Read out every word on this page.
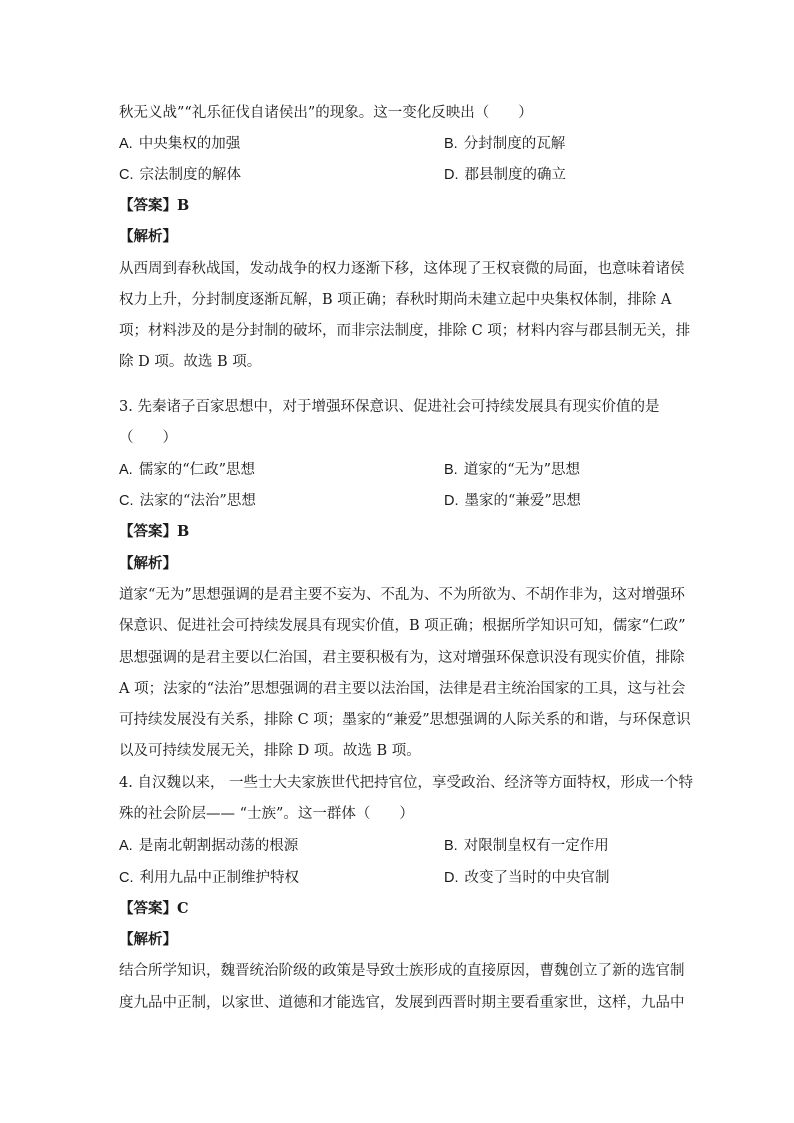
秋无义战”“礼乐征伐自诸侯出”的现象。这一变化反映出（　　）
A. 中央集权的加强	B. 分封制度的瓦解
C. 宗法制度的解体	D. 郡县制度的确立
【答案】B
【解析】
从西周到春秋战国，发动战争的权力逐渐下移，这体现了王权衰微的局面，也意味着诸侯
权力上升，分封制度逐渐瓦解，B 项正确；春秋时期尚未建立起中央集权体制，排除 A
项；材料涉及的是分封制的破坏，而非宗法制度，排除 C 项；材料内容与郡县制无关，排
除 D 项。故选 B 项。
3. 先秦诸子百家思想中，对于增强环保意识、促进社会可持续发展具有现实价值的是
（　　）
A. 儒家的“仁政”思想	B. 道家的“无为”思想
C. 法家的“法治”思想	D. 墨家的“兼爱”思想
【答案】B
【解析】
道家“无为”思想强调的是君主要不妄为、不乱为、不为所欲为、不胡作非为，这对增强环
保意识、促进社会可持续发展具有现实价值，B 项正确；根据所学知识可知，儒家“仁政”
思想强调的是君主要以仁治国，君主要积极有为，这对增强环保意识没有现实价值，排除
A 项；法家的“法治”思想强调的君主要以法治国，法律是君主统治国家的工具，这与社会
可持续发展没有关系，排除 C 项；墨家的“兼爱”思想强调的人际关系的和谐，与环保意识
以及可持续发展无关，排除 D 项。故选 B 项。
4. 自汉魏以来， 一些士大夫家族世代把持官位，享受政治、经济等方面特权，形成一个特
殊的社会阶层—— “士族”。这一群体（　　）
A. 是南北朝割据动荡的根源	B. 对限制皇权有一定作用
C. 利用九品中正制维护特权	D. 改变了当时的中央官制
【答案】C
【解析】
结合所学知识，魏晋统治阶级的政策是导致士族形成的直接原因，曹魏创立了新的选官制
度九品中正制，以家世、道德和才能选官，发展到西晋时期主要看重家世，这样，九品中
